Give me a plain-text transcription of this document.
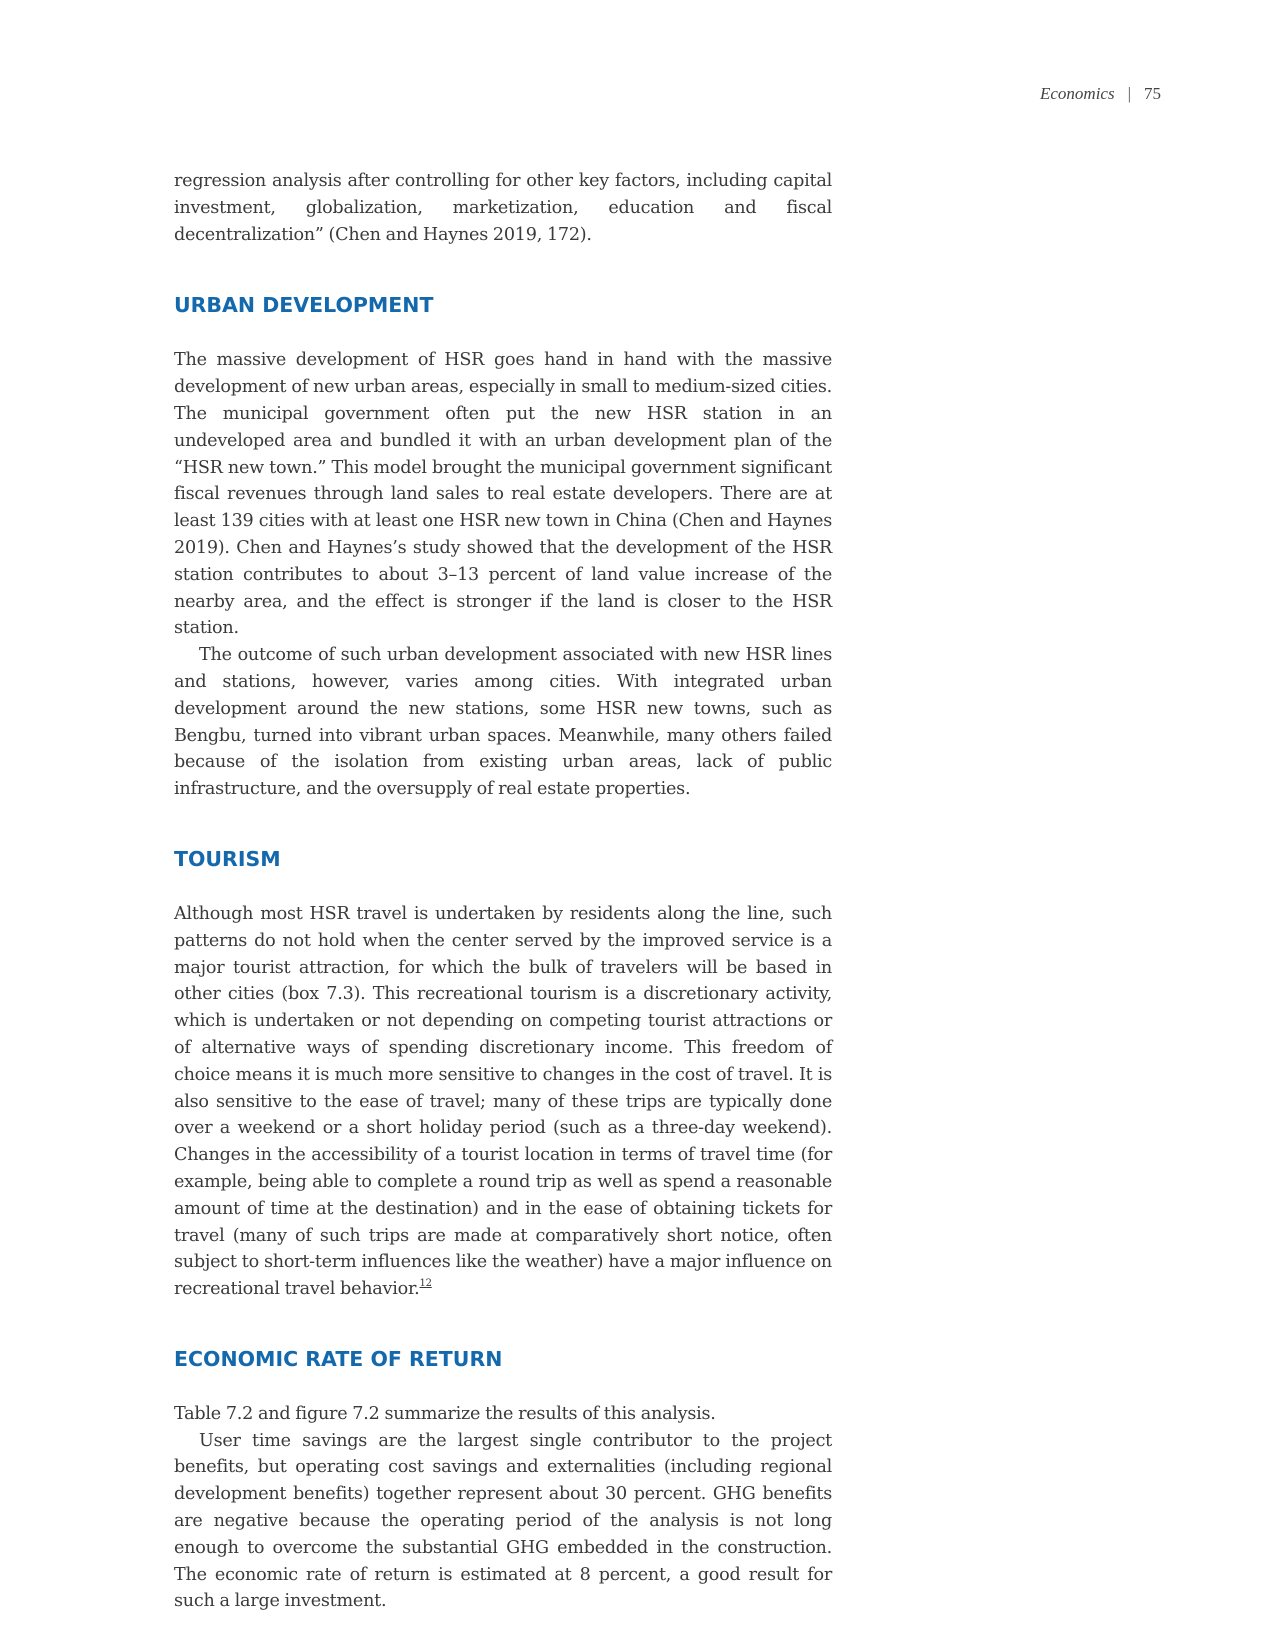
Economics | 75

regression analysis after controlling for other key factors, including capital investment, globalization, marketization, education and fiscal decentralization” (Chen and Haynes 2019, 172).

URBAN DEVELOPMENT

The massive development of HSR goes hand in hand with the massive development of new urban areas, especially in small to medium-sized cities. The municipal government often put the new HSR station in an undeveloped area and bundled it with an urban development plan of the “HSR new town.” This model brought the municipal government significant fiscal revenues through land sales to real estate developers. There are at least 139 cities with at least one HSR new town in China (Chen and Haynes 2019). Chen and Haynes’s study showed that the development of the HSR station contributes to about 3–13 percent of land value increase of the nearby area, and the effect is stronger if the land is closer to the HSR station.

The outcome of such urban development associated with new HSR lines and stations, however, varies among cities. With integrated urban development around the new stations, some HSR new towns, such as Bengbu, turned into vibrant urban spaces. Meanwhile, many others failed because of the isolation from existing urban areas, lack of public infrastructure, and the oversupply of real estate properties.

TOURISM

Although most HSR travel is undertaken by residents along the line, such patterns do not hold when the center served by the improved service is a major tourist attraction, for which the bulk of travelers will be based in other cities (box 7.3). This recreational tourism is a discretionary activity, which is undertaken or not depending on competing tourist attractions or of alternative ways of spending discretionary income. This freedom of choice means it is much more sensitive to changes in the cost of travel. It is also sensitive to the ease of travel; many of these trips are typically done over a weekend or a short holiday period (such as a three-day weekend). Changes in the accessibility of a tourist location in terms of travel time (for example, being able to complete a round trip as well as spend a reasonable amount of time at the destination) and in the ease of obtaining tickets for travel (many of such trips are made at comparatively short notice, often subject to short-term influences like the weather) have a major influence on recreational travel behavior.$^{12}$

ECONOMIC RATE OF RETURN

Table 7.2 and figure 7.2 summarize the results of this analysis.

User time savings are the largest single contributor to the project benefits, but operating cost savings and externalities (including regional development benefits) together represent about 30 percent. GHG benefits are negative because the operating period of the analysis is not long enough to overcome the substantial GHG embedded in the construction. The economic rate of return is estimated at 8 percent, a good result for such a large investment.
